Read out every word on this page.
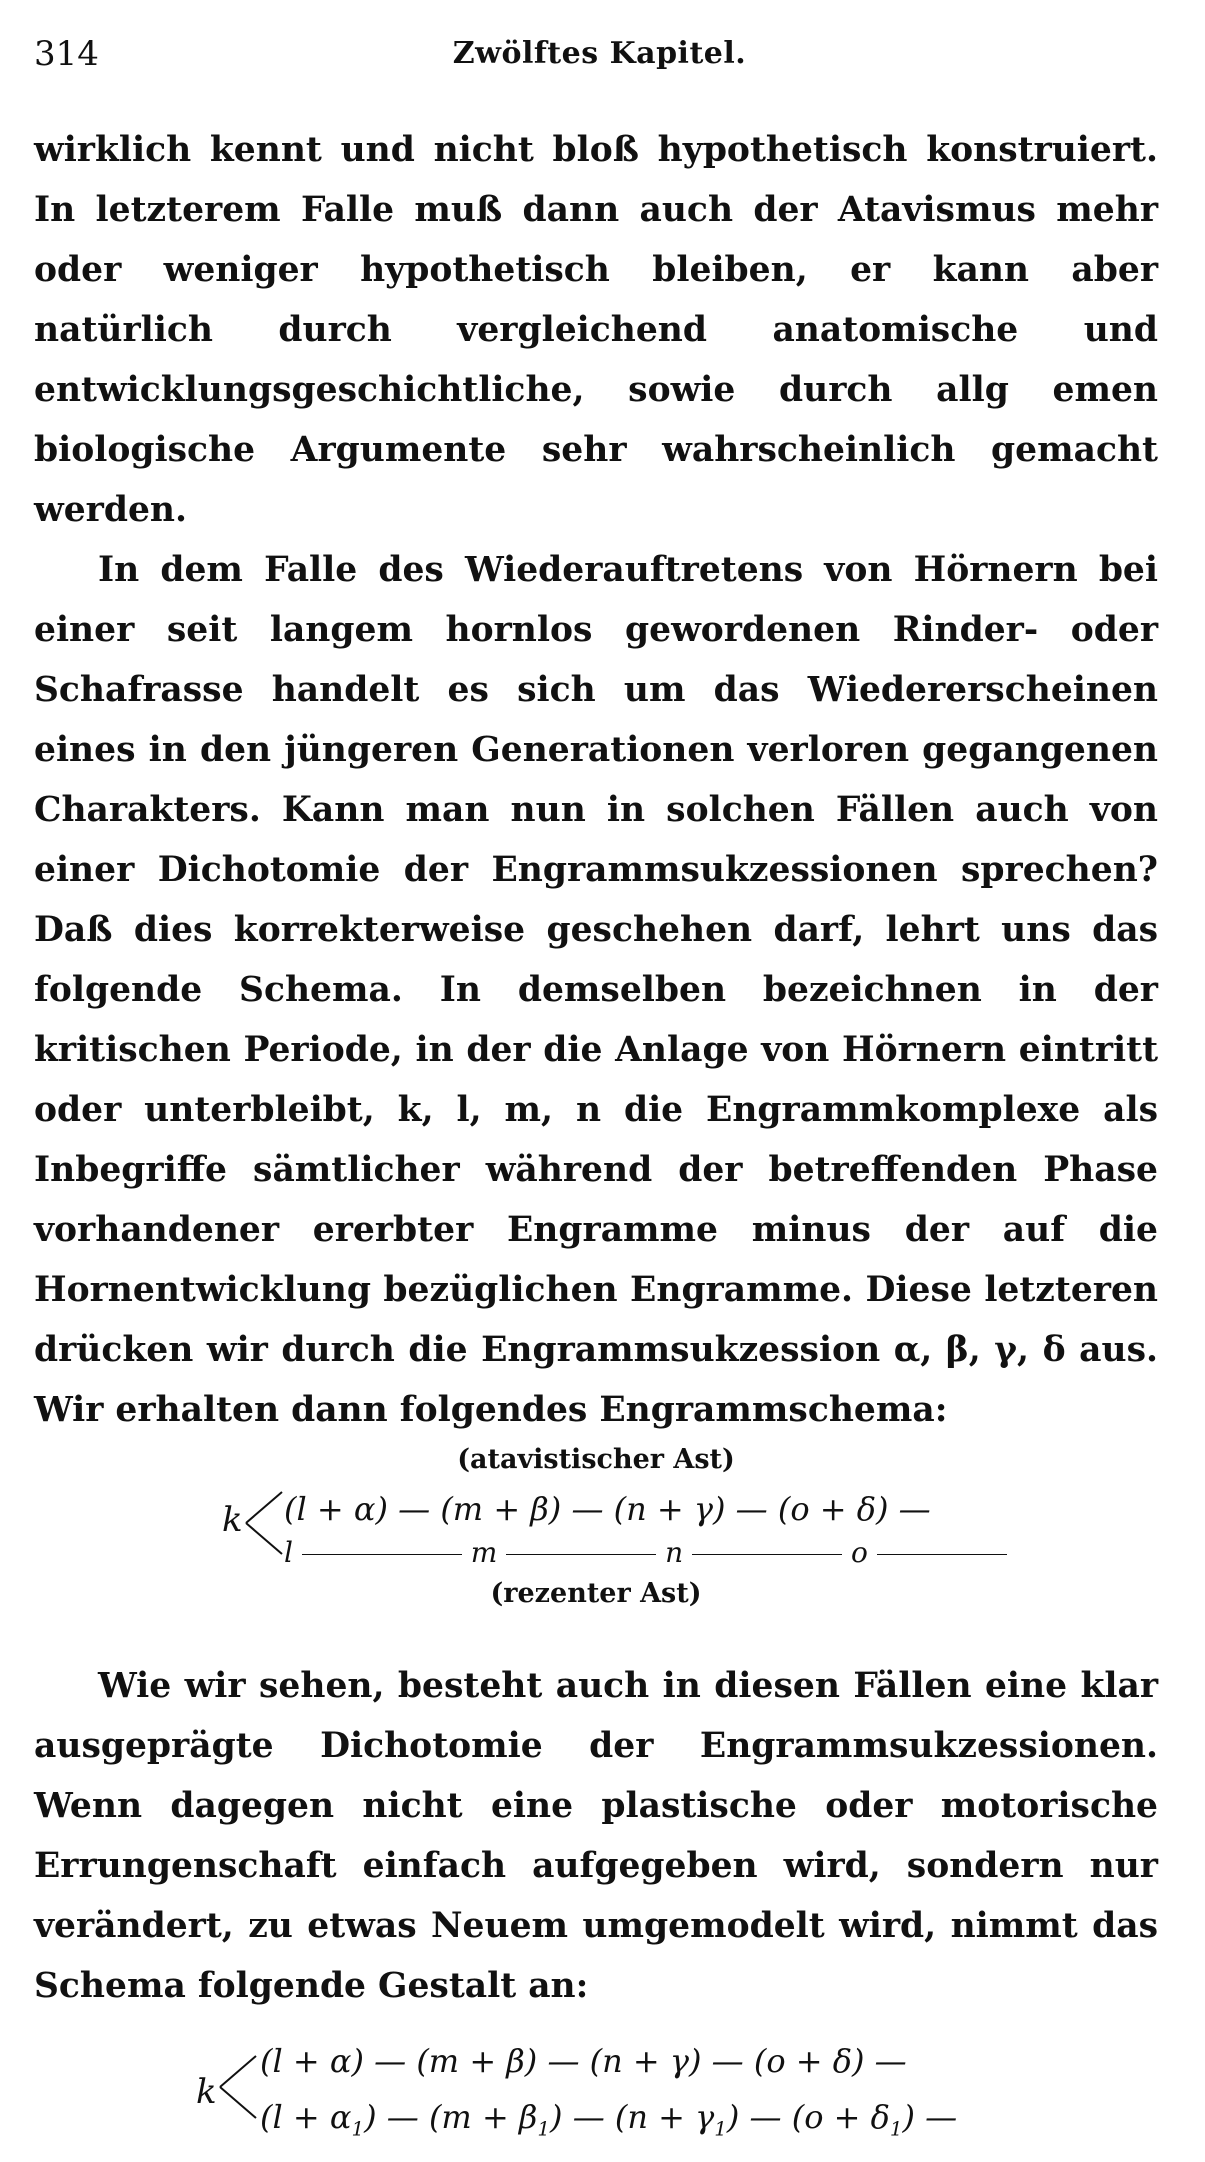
314	Zwölftes Kapitel.

wirklich kennt und nicht bloß hypothetisch konstruiert. In letzterem Falle muß dann auch der Atavismus mehr oder weniger hypothetisch bleiben, er kann aber natürlich durch vergleichend anatomische und entwicklungsgeschichtliche, sowie durch allg emen biologische Argumente sehr wahrscheinlich gemacht werden.

In dem Falle des Wiederauftretens von Hörnern bei einer seit langem hornlos gewordenen Rinder- oder Schafrasse handelt es sich um das Wiedererscheinen eines in den jüngeren Generationen verloren gegangenen Charakters. Kann man nun in solchen Fällen auch von einer Dichotomie der Engrammsukzessionen sprechen? Daß dies korrekterweise geschehen darf, lehrt uns das folgende Schema. In demselben bezeichnen in der kritischen Periode, in der die Anlage von Hörnern eintritt oder unterbleibt, k, l, m, n die Engrammkomplexe als Inbegriffe sämtlicher während der betreffenden Phase vorhandener ererbter Engramme minus der auf die Hornentwicklung bezüglichen Engramme. Diese letzteren drücken wir durch die Engrammsukzession α, β, γ, δ aus. Wir erhalten dann folgendes Engrammschema:

(atavistischer Ast)
k (l + α) — (m + β) — (n + γ) — (o + δ) —
l	m	n	o
(rezenter Ast)

Wie wir sehen, besteht auch in diesen Fällen eine klar ausgeprägte Dichotomie der Engrammsukzessionen. Wenn dagegen nicht eine plastische oder motorische Errungenschaft einfach aufgegeben wird, sondern nur verändert, zu etwas Neuem umgemodelt wird, nimmt das Schema folgende Gestalt an:

k
(l + α) — (m + β) — (n + γ) — (o + δ) —
$(l + \alpha_1)$ — $(m + \beta_1)$ — $(n + \gamma_1)$ — $(o + \delta_1)$ —
